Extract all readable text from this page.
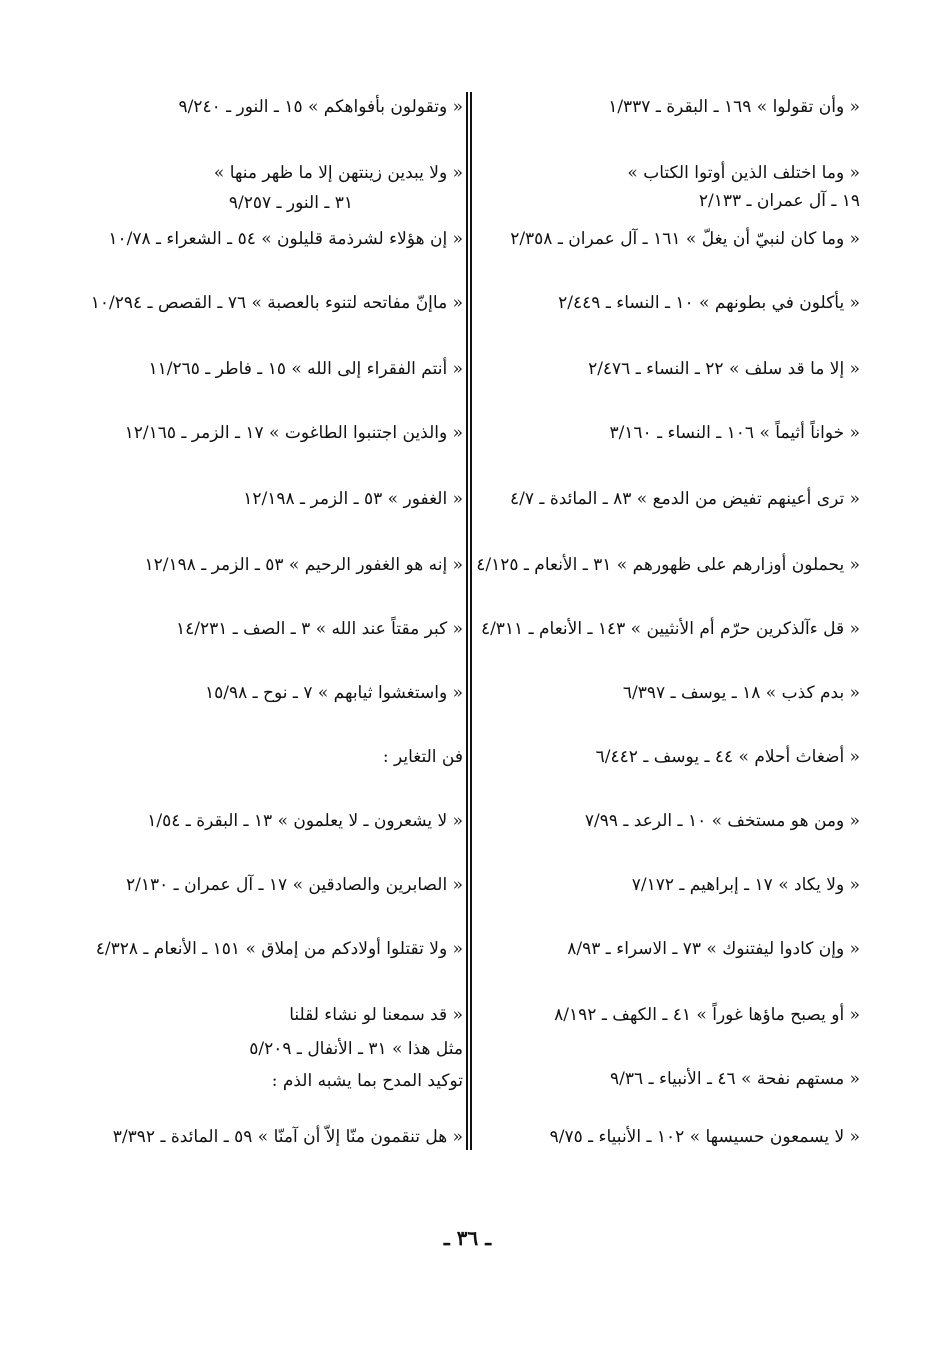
« وأن تقولوا » ١٦٩ ـ البقرة ـ ١/٣٣٧
« وما اختلف الذين أوتوا الكتاب »
١٩ ـ آل عمران ـ ٢/١٣٣
« وما كان لنبيّ أن يغلّ » ١٦١ ـ آل عمران ـ ٢/٣٥٨
« يأكلون في بطونهم » ١٠ ـ النساء ـ ٢/٤٤٩
« إلا ما قد سلف » ٢٢ ـ النساء ـ ٢/٤٧٦
« خواناً أثيماً » ١٠٦ ـ النساء ـ ٣/١٦٠
« ترى أعينهم تفيض من الدمع » ٨٣ ـ المائدة ـ ٤/٧
« يحملون أوزارهم على ظهورهم » ٣١ ـ الأنعام ـ ٤/١٢٥
« قل ءآلذكرين حرّم أم الأنثيين » ١٤٣ ـ الأنعام ـ ٤/٣١١
« بدم كذب » ١٨ ـ يوسف ـ ٦/٣٩٧
« أضغاث أحلام » ٤٤ ـ يوسف ـ ٦/٤٤٢
« ومن هو مستخف » ١٠ ـ الرعد ـ ٧/٩٩
« ولا يكاد » ١٧ ـ إبراهيم ـ ٧/١٧٢
« وإن كادوا ليفتنوك » ٧٣ ـ الاسراء ـ ٨/٩٣
« أو يصبح ماؤها غوراً » ٤١ ـ الكهف ـ ٨/١٩٢
« مستهم نفحة » ٤٦ ـ الأنبياء ـ ٩/٣٦
« لا يسمعون حسيسها » ١٠٢ ـ الأنبياء ـ ٩/٧٥
« وتقولون بأفواهكم » ١٥ ـ النور ـ ٩/٢٤٠
« ولا يبدين زينتهن إلا ما ظهر منها »
٣١ ـ النور ـ ٩/٢٥٧
« إن هؤلاء لشرذمة قليلون » ٥٤ ـ الشعراء ـ ١٠/٧٨
« ماإنّ مفاتحه لتنوء بالعصبة » ٧٦ ـ القصص ـ ١٠/٢٩٤
« أنتم الفقراء إلى الله » ١٥ ـ فاطر ـ ١١/٢٦٥
« والذين اجتنبوا الطاغوت » ١٧ ـ الزمر ـ ١٢/١٦٥
« الغفور » ٥٣ ـ الزمر ـ ١٢/١٩٨
« إنه هو الغفور الرحيم » ٥٣ ـ الزمر ـ ١٢/١٩٨
« كبر مقتاً عند الله » ٣ ـ الصف ـ ١٤/٢٣١
« واستغشوا ثيابهم » ٧ ـ نوح ـ ١٥/٩٨
فن التغاير :
« لا يشعرون ـ لا يعلمون » ١٣ ـ البقرة ـ ١/٥٤
« الصابرين والصادقين » ١٧ ـ آل عمران ـ ٢/١٣٠
« ولا تقتلوا أولادكم من إملاق » ١٥١ ـ الأنعام ـ ٤/٣٢٨
« قد سمعنا لو نشاء لقلنا
مثل هذا » ٣١ ـ الأنفال ـ ٥/٢٠٩
توكيد المدح بما يشبه الذم :
« هل تنقمون منّا إلاّ أن آمنّا » ٥٩ ـ المائدة ـ ٣/٣٩٢
ـ ٣٦ ـ
